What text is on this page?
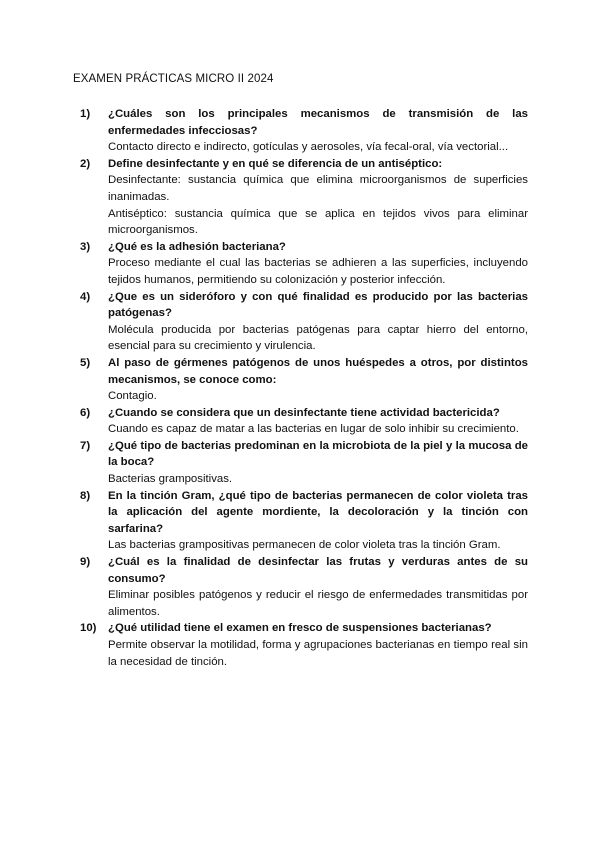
EXAMEN PRÁCTICAS MICRO II 2024
1) ¿Cuáles son los principales mecanismos de transmisión de las enfermedades infecciosas?

Contacto directo e indirecto, gotículas y aerosoles, vía fecal-oral, vía vectorial...

2) Define desinfectante y en qué se diferencia de un antiséptico:

Desinfectante: sustancia química que elimina microorganismos de superficies inanimadas.

Antiséptico: sustancia química que se aplica en tejidos vivos para eliminar microorganismos.

3) ¿Qué es la adhesión bacteriana?

Proceso mediante el cual las bacterias se adhieren a las superficies, incluyendo tejidos humanos, permitiendo su colonización y posterior infección.

4) ¿Que es un sideróforo y con qué finalidad es producido por las bacterias patógenas?

Molécula producida por bacterias patógenas para captar hierro del entorno, esencial para su crecimiento y virulencia.

5) Al paso de gérmenes patógenos de unos huéspedes a otros, por distintos mecanismos, se conoce como:

Contagio.

6) ¿Cuando se considera que un desinfectante tiene actividad bactericida?

Cuando es capaz de matar a las bacterias en lugar de solo inhibir su crecimiento.

7) ¿Qué tipo de bacterias predominan en la microbiota de la piel y la mucosa de la boca?

Bacterias grampositivas.

8) En la tinción Gram, ¿qué tipo de bacterias permanecen de color violeta tras la aplicación del agente mordiente, la decoloración y la tinción con sarfarina?

Las bacterias grampositivas permanecen de color violeta tras la tinción Gram.

9) ¿Cuál es la finalidad de desinfectar las frutas y verduras antes de su consumo?

Eliminar posibles patógenos y reducir el riesgo de enfermedades transmitidas por alimentos.

10) ¿Qué utilidad tiene el examen en fresco de suspensiones bacterianas?

Permite observar la motilidad, forma y agrupaciones bacterianas en tiempo real sin la necesidad de tinción.
